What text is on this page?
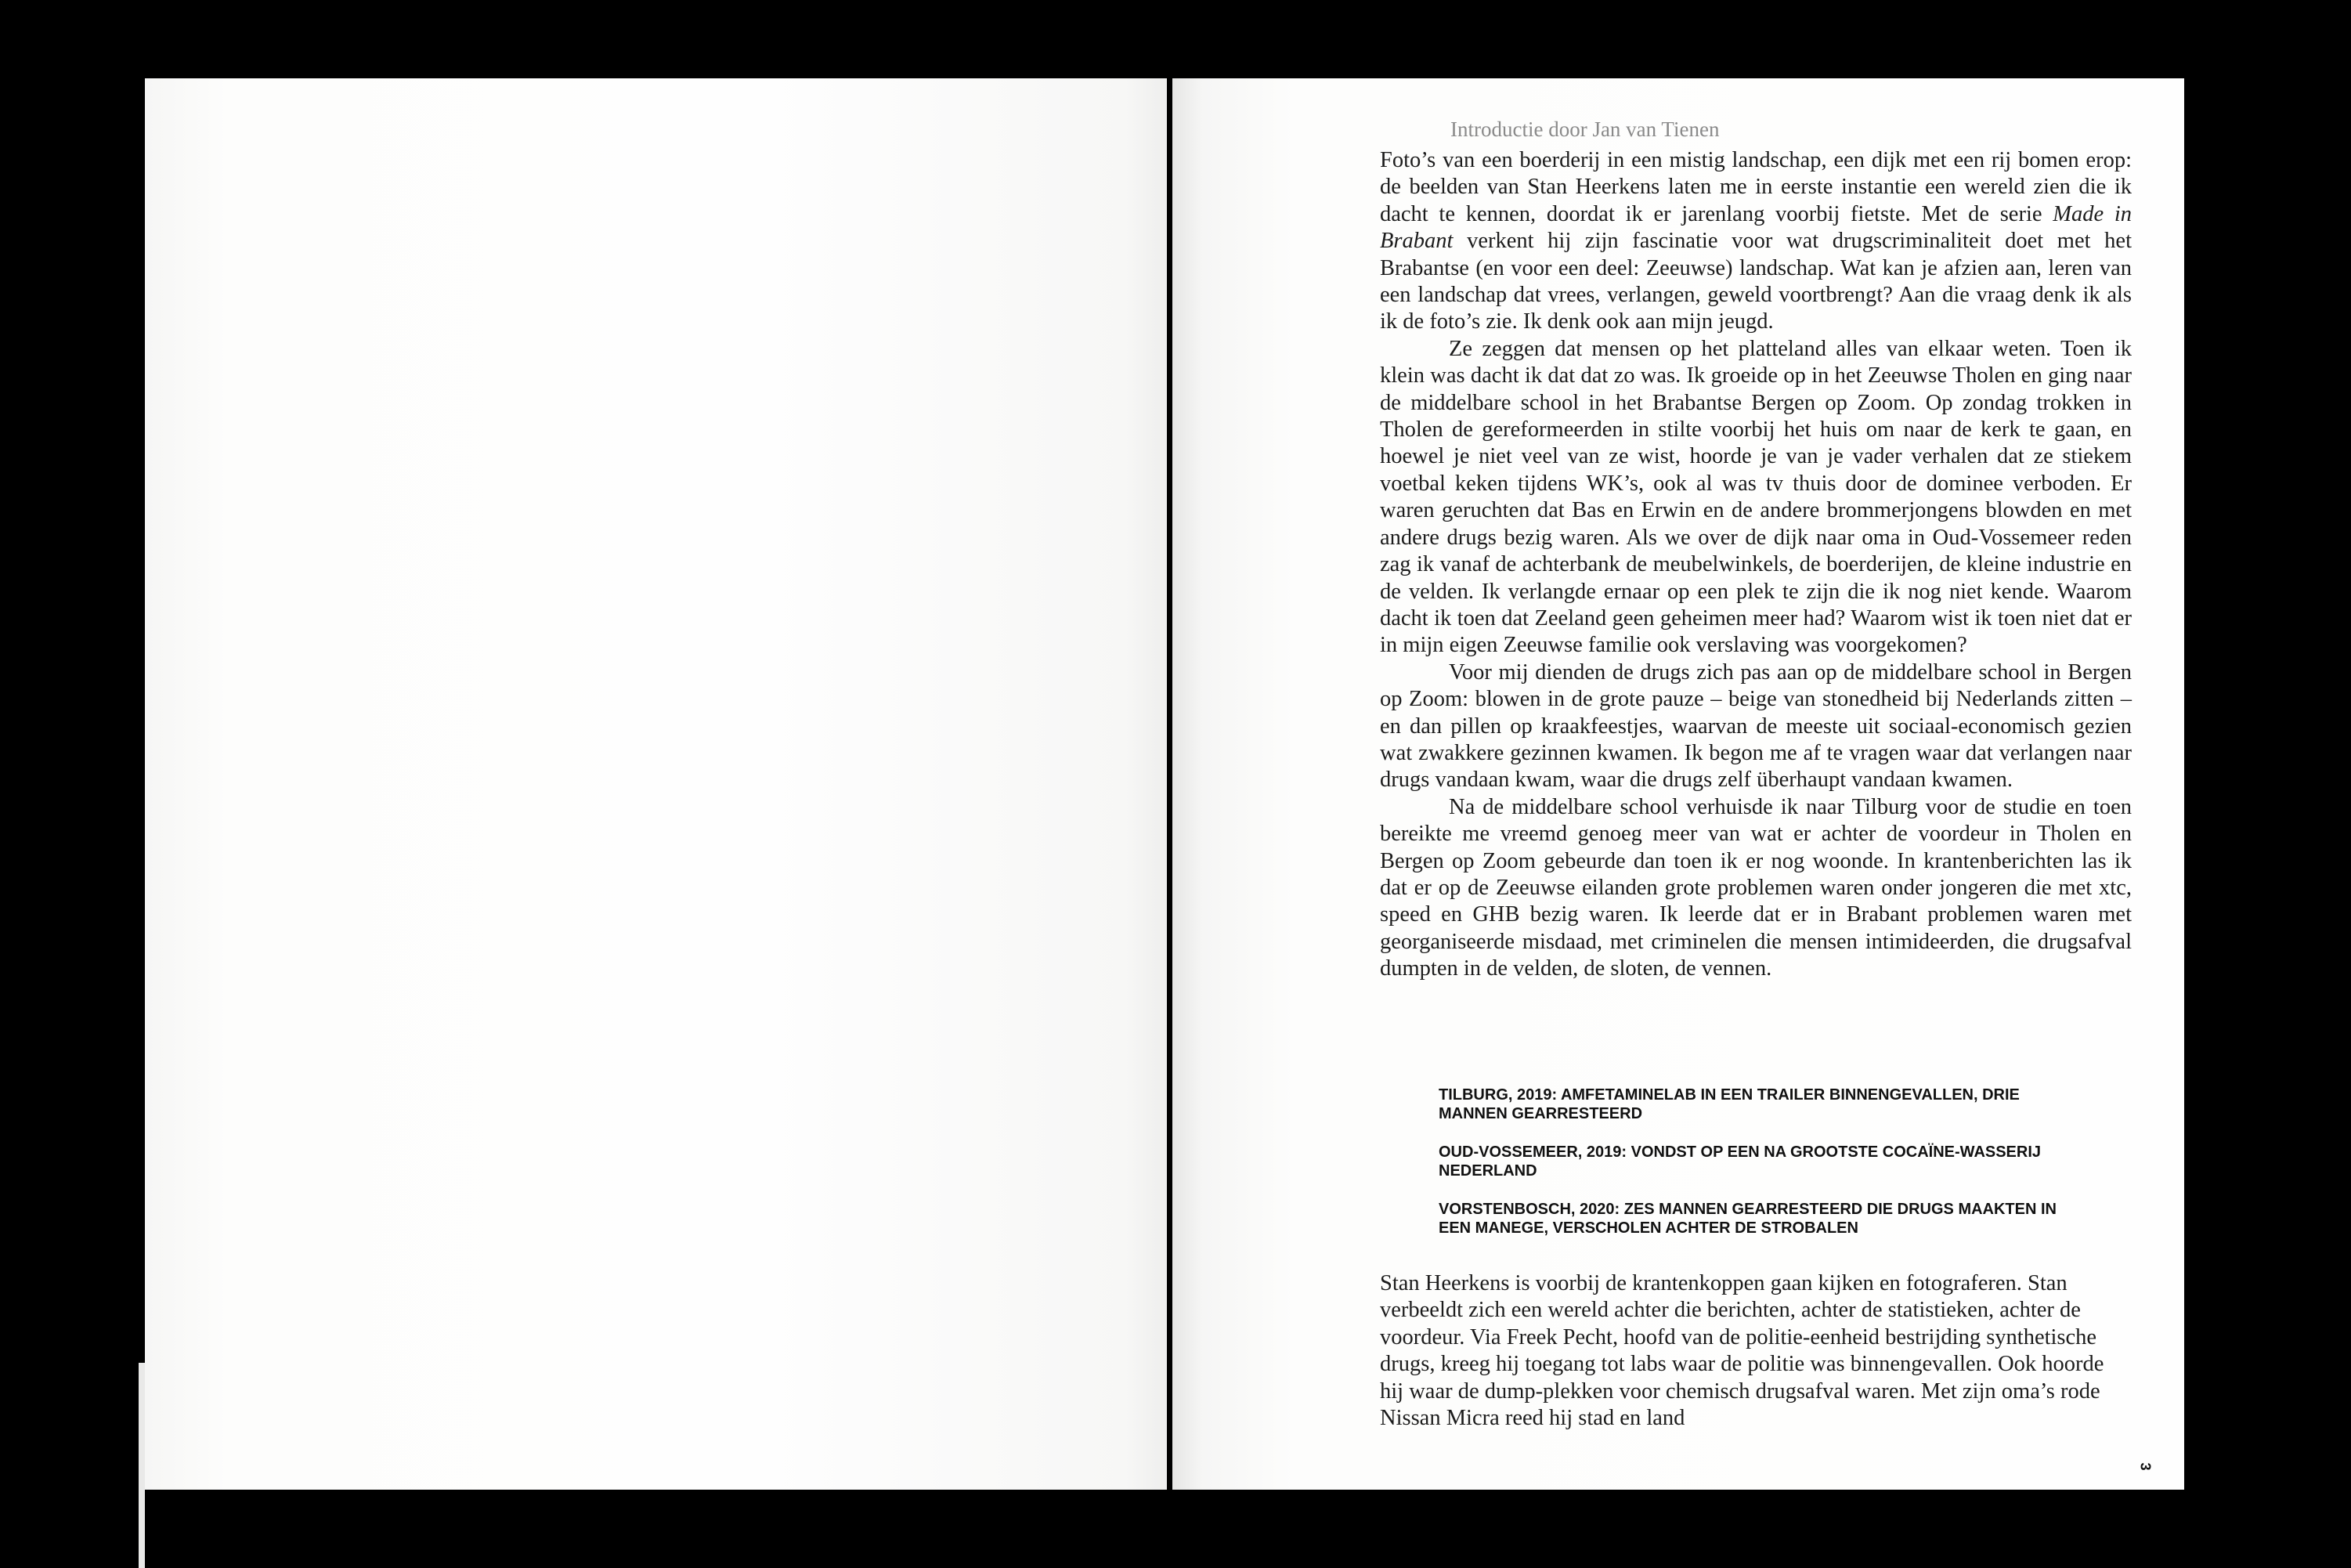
Introductie door Jan van Tienen

Foto’s van een boerderij in een mistig landschap, een dijk met een rij bomen erop: de beelden van Stan Heerkens laten me in eerste instantie een wereld zien die ik dacht te kennen, doordat ik er jarenlang voorbij fietste. Met de serie Made in Brabant verkent hij zijn fascinatie voor wat drugscriminaliteit doet met het Brabantse (en voor een deel: Zeeuwse) landschap. Wat kan je afzien aan, leren van een landschap dat vrees, verlangen, geweld voortbrengt? Aan die vraag denk ik als ik de foto’s zie. Ik denk ook aan mijn jeugd.

Ze zeggen dat mensen op het platteland alles van elkaar weten. Toen ik klein was dacht ik dat dat zo was. Ik groeide op in het Zeeuwse Tholen en ging naar de middelbare school in het Brabantse Bergen op Zoom. Op zondag trokken in Tholen de gereformeerden in stilte voorbij het huis om naar de kerk te gaan, en hoewel je niet veel van ze wist, hoorde je van je vader verhalen dat ze stiekem voetbal keken tijdens WK’s, ook al was tv thuis door de dominee verboden. Er waren geruchten dat Bas en Erwin en de andere brommerjongens blowden en met andere drugs bezig waren. Als we over de dijk naar oma in Oud-Vossemeer reden zag ik vanaf de achterbank de meubelwinkels, de boerderijen, de kleine industrie en de velden. Ik verlangde ernaar op een plek te zijn die ik nog niet kende. Waarom dacht ik toen dat Zeeland geen geheimen meer had? Waarom wist ik toen niet dat er in mijn eigen Zeeuwse familie ook verslaving was voorgekomen?

Voor mij dienden de drugs zich pas aan op de middelbare school in Bergen op Zoom: blowen in de grote pauze – beige van stonedheid bij Nederlands zitten – en dan pillen op kraakfeestjes, waarvan de meeste uit sociaal-economisch gezien wat zwakkere gezinnen kwamen. Ik begon me af te vragen waar dat verlangen naar drugs vandaan kwam, waar die drugs zelf überhaupt vandaan kwamen.

Na de middelbare school verhuisde ik naar Tilburg voor de studie en toen bereikte me vreemd genoeg meer van wat er achter de voordeur in Tholen en Bergen op Zoom gebeurde dan toen ik er nog woonde. In krantenberichten las ik dat er op de Zeeuwse eilanden grote problemen waren onder jongeren die met xtc, speed en GHB bezig waren. Ik leerde dat er in Brabant problemen waren met georganiseerde misdaad, met criminelen die mensen intimideerden, die drugsafval dumpten in de velden, de sloten, de vennen.

TILBURG, 2019: AMFETAMINELAB IN EEN TRAILER BINNENGEVALLEN, DRIE MANNEN GEARRESTEERD
OUD-VOSSEMEER, 2019: VONDST OP EEN NA GROOTSTE COCAÏNE-WASSERIJ NEDERLAND
VORSTENBOSCH, 2020: ZES MANNEN GEARRESTEERD DIE DRUGS MAAKTEN IN EEN MANEGE, VERSCHOLEN ACHTER DE STROBALEN

Stan Heerkens is voorbij de krantenkoppen gaan kijken en fotograferen. Stan verbeeldt zich een wereld achter die berichten, achter de statistieken, achter de voordeur. Via Freek Pecht, hoofd van de politie-eenheid bestrijding synthetische drugs, kreeg hij toegang tot labs waar de politie was binnengevallen. Ook hoorde hij waar de dump-plekken voor chemisch drugsafval waren. Met zijn oma’s rode Nissan Micra reed hij stad en land

3
